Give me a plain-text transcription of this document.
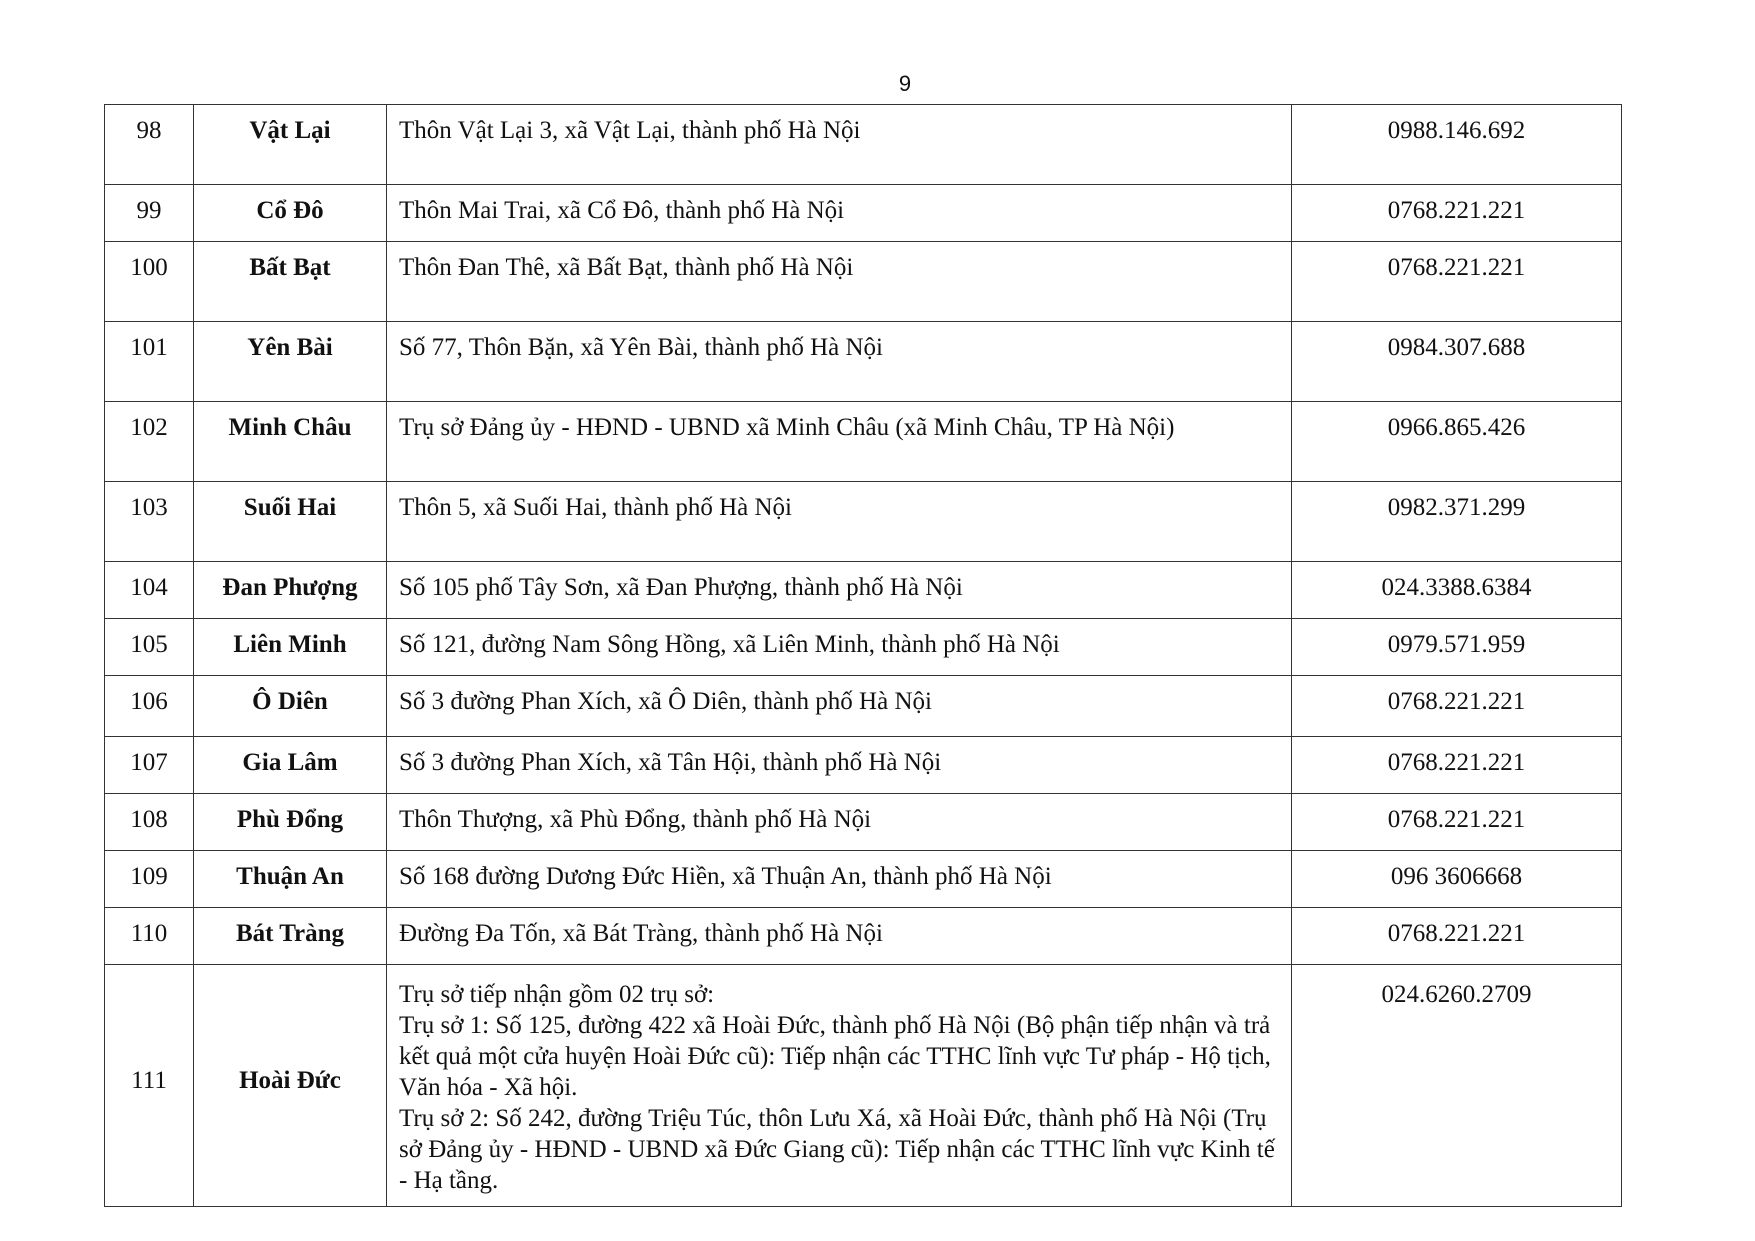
9
98	Vật Lại	Thôn Vật Lại 3, xã Vật Lại, thành phố Hà Nội	0988.146.692
99	Cổ Đô	Thôn Mai Trai, xã Cổ Đô, thành phố Hà Nội	0768.221.221
100	Bất Bạt	Thôn Đan Thê, xã Bất Bạt, thành phố Hà Nội	0768.221.221
101	Yên Bài	Số 77, Thôn Bặn, xã Yên Bài, thành phố Hà Nội	0984.307.688
102	Minh Châu	Trụ sở Đảng ủy - HĐND - UBND xã Minh Châu (xã Minh Châu, TP Hà Nội)	0966.865.426
103	Suối Hai	Thôn 5, xã Suối Hai, thành phố Hà Nội	0982.371.299
104	Đan Phượng	Số 105 phố Tây Sơn, xã Đan Phượng, thành phố Hà Nội	024.3388.6384
105	Liên Minh	Số 121, đường Nam Sông Hồng, xã Liên Minh, thành phố Hà Nội	0979.571.959
106	Ô Diên	Số 3 đường Phan Xích, xã Ô Diên, thành phố Hà Nội	0768.221.221
107	Gia Lâm	Số 3 đường Phan Xích, xã Tân Hội, thành phố Hà Nội	0768.221.221
108	Phù Đổng	Thôn Thượng, xã Phù Đổng, thành phố Hà Nội	0768.221.221
109	Thuận An	Số 168 đường Dương Đức Hiền, xã Thuận An, thành phố Hà Nội	096 3606668
110	Bát Tràng	Đường Đa Tốn, xã Bát Tràng, thành phố Hà Nội	0768.221.221
111	Hoài Đức	Trụ sở tiếp nhận gồm 02 trụ sở:
Trụ sở 1: Số 125, đường 422 xã Hoài Đức, thành phố Hà Nội (Bộ phận tiếp nhận và trả kết quả một cửa huyện Hoài Đức cũ): Tiếp nhận các TTHC lĩnh vực Tư pháp - Hộ tịch, Văn hóa - Xã hội.
Trụ sở 2: Số 242, đường Triệu Túc, thôn Lưu Xá, xã Hoài Đức, thành phố Hà Nội (Trụ sở Đảng ủy - HĐND - UBND xã Đức Giang cũ): Tiếp nhận các TTHC lĩnh vực Kinh tế - Hạ tầng.	024.6260.2709
